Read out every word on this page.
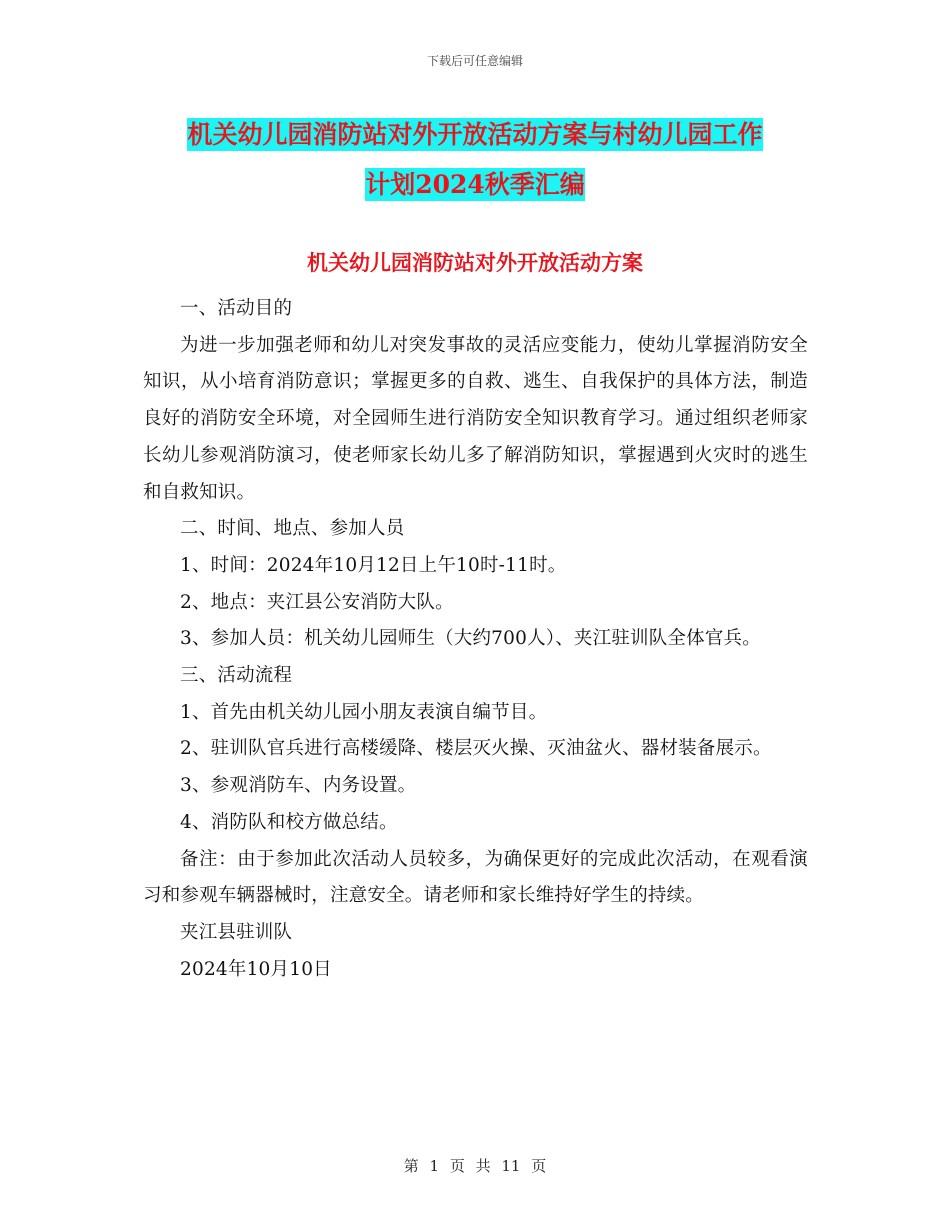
下载后可任意编辑
机关幼儿园消防站对外开放活动方案与村幼儿园工作
计划2024秋季汇编
机关幼儿园消防站对外开放活动方案

一、活动目的

为进一步加强老师和幼儿对突发事故的灵活应变能力，使幼儿掌握消防安全知识，从小培育消防意识；掌握更多的自救、逃生、自我保护的具体方法，制造良好的消防安全环境，对全园师生进行消防安全知识教育学习。通过组织老师家长幼儿参观消防演习，使老师家长幼儿多了解消防知识，掌握遇到火灾时的逃生和自救知识。

二、时间、地点、参加人员

1、时间：2024年10月12日上午10时-11时。

2、地点：夹江县公安消防大队。

3、参加人员：机关幼儿园师生（大约700人）、夹江驻训队全体官兵。

三、活动流程

1、首先由机关幼儿园小朋友表演自编节目。

2、驻训队官兵进行高楼缓降、楼层灭火操、灭油盆火、器材装备展示。

3、参观消防车、内务设置。

4、消防队和校方做总结。

备注：由于参加此次活动人员较多，为确保更好的完成此次活动，在观看演习和参观车辆器械时，注意安全。请老师和家长维持好学生的持续。

夹江县驻训队

2024年10月10日

第 1 页 共 11 页
